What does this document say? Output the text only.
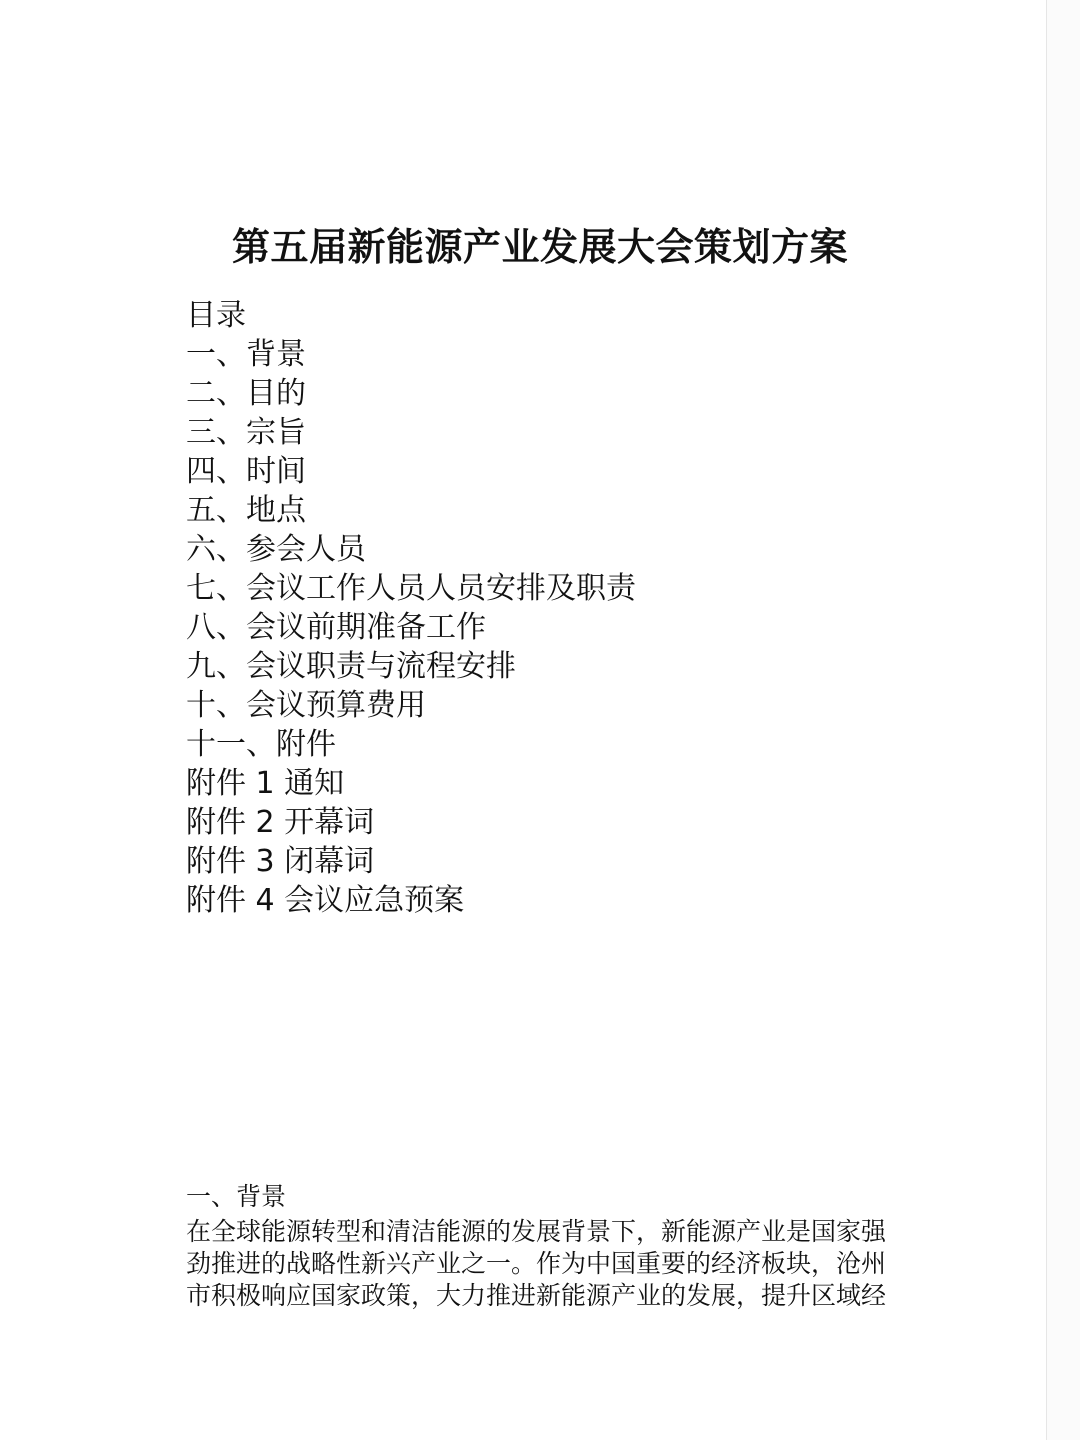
第五届新能源产业发展大会策划方案
目录
一、背景
二、目的
三、宗旨
四、时间
五、地点
六、参会人员
七、会议工作人员人员安排及职责
八、会议前期准备工作
九、会议职责与流程安排
十、会议预算费用
十一、附件
附件 1 通知
附件 2 开幕词
附件 3 闭幕词
附件 4 会议应急预案
一、背景
在全球能源转型和清洁能源的发展背景下，新能源产业是国家强
劲推进的战略性新兴产业之一。作为中国重要的经济板块，沧州
市积极响应国家政策，大力推进新能源产业的发展，提升区域经
